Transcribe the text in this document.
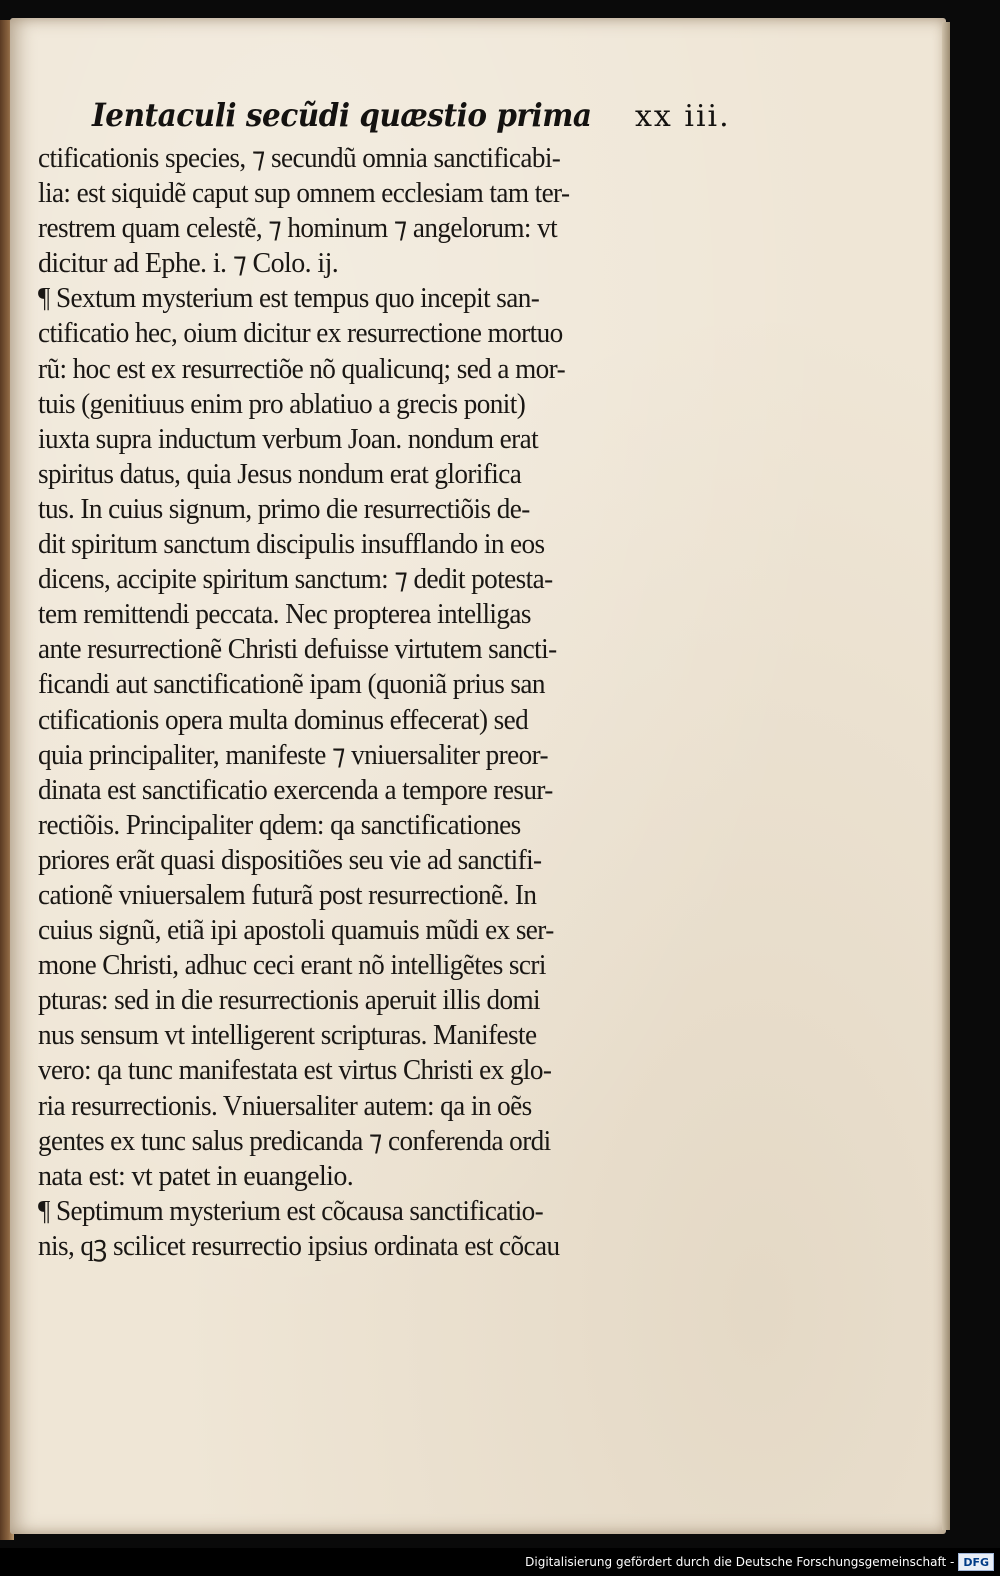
Ientaculi secũdi quæstio prima xx iii.
ctificationis species, ⁊ secundũ omnia sanctificabi-
lia: est siquidẽ caput sup omnem ecclesiam tam ter-
restrem quam celestẽ, ⁊ hominum ⁊ angelorum: vt
dicitur ad Ephe. i. ⁊ Colo. ij.
¶ Sextum mysterium est tempus quo incepit san-
ctificatio hec, oium dicitur ex resurrectione mortuo
rũ: hoc est ex resurrectiõe nõ qualicunq; sed a mor-
tuis (genitiuus enim pro ablatiuo a grecis ponit)
iuxta supra inductum verbum Joan. nondum erat
spiritus datus, quia Jesus nondum erat glorifica
tus. In cuius signum, primo die resurrectiõis de-
dit spiritum sanctum discipulis insufflando in eos
dicens, accipite spiritum sanctum: ⁊ dedit potesta-
tem remittendi peccata. Nec propterea intelligas
ante resurrectionẽ Christi defuisse virtutem sancti-
ficandi aut sanctificationẽ ipam (quoniã prius san
ctificationis opera multa dominus effecerat) sed
quia principaliter, manifeste ⁊ vniuersaliter preor-
dinata est sanctificatio exercenda a tempore resur-
rectiõis. Principaliter qdem: qa sanctificationes
priores erãt quasi dispositiões seu vie ad sanctifi-
cationẽ vniuersalem futurã post resurrectionẽ. In
cuius signũ, etiã ipi apostoli quamuis mũdi ex ser-
mone Christi, adhuc ceci erant nõ intelligẽtes scri
pturas: sed in die resurrectionis aperuit illis domi
nus sensum vt intelligerent scripturas. Manifeste
vero: qa tunc manifestata est virtus Christi ex glo-
ria resurrectionis. Vniuersaliter autem: qa in oẽs
gentes ex tunc salus predicanda ⁊ conferenda ordi
nata est: vt patet in euangelio.
¶ Septimum mysterium est cõcausa sanctificatio-
nis, qꝫ scilicet resurrectio ipsius ordinata est cõcau
Digitalisierung gefördert durch die Deutsche Forschungsgemeinschaft - DFG
